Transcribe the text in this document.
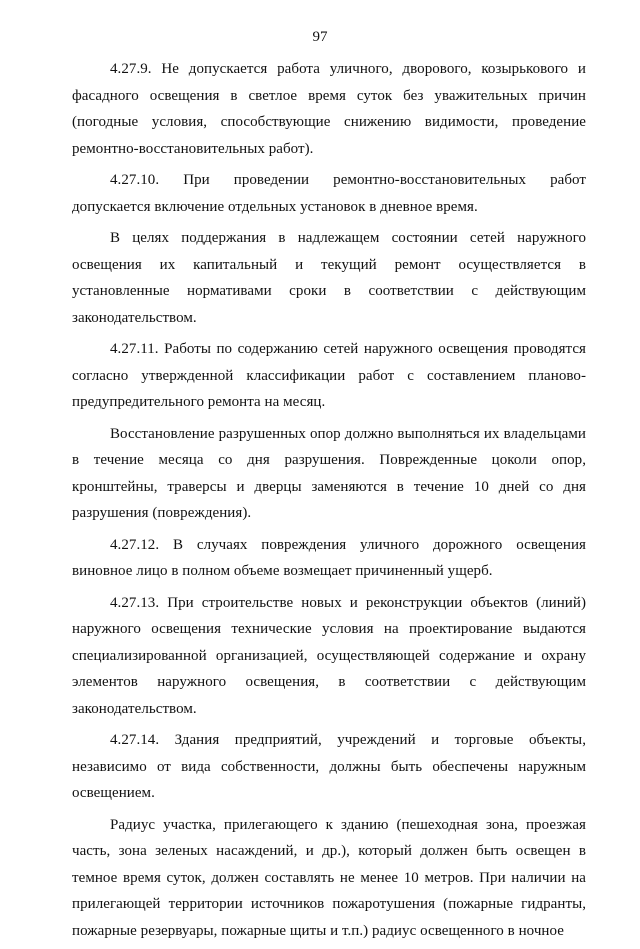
97

4.27.9. Не допускается работа уличного, дворового, козырькового и фасадного освещения в светлое время суток без уважительных причин (погодные условия, способствующие снижению видимости, проведение ремонтно-восстановительных работ).

4.27.10. При проведении ремонтно-восстановительных работ допускается включение отдельных установок в дневное время.

В целях поддержания в надлежащем состоянии сетей наружного освещения их капитальный и текущий ремонт осуществляется в установленные нормативами сроки в соответствии с действующим законодательством.

4.27.11. Работы по содержанию сетей наружного освещения проводятся согласно утвержденной классификации работ с составлением планово-предупредительного ремонта на месяц.

Восстановление разрушенных опор должно выполняться их владельцами в течение месяца со дня разрушения. Поврежденные цоколи опор, кронштейны, траверсы и дверцы заменяются в течение 10 дней со дня разрушения (повреждения).

4.27.12. В случаях повреждения уличного дорожного освещения виновное лицо в полном объеме возмещает причиненный ущерб.

4.27.13. При строительстве новых и реконструкции объектов (линий) наружного освещения технические условия на проектирование выдаются специализированной организацией, осуществляющей содержание и охрану элементов наружного освещения, в соответствии с действующим законодательством.

4.27.14. Здания предприятий, учреждений и торговые объекты, независимо от вида собственности, должны быть обеспечены наружным освещением.

Радиус участка, прилегающего к зданию (пешеходная зона, проезжая часть, зона зеленых насаждений, и др.), который должен быть освещен в темное время суток, должен составлять не менее 10 метров. При наличии на прилегающей территории источников пожаротушения (пожарные гидранты, пожарные резервуары, пожарные щиты и т.п.) радиус освещенного в ночное
